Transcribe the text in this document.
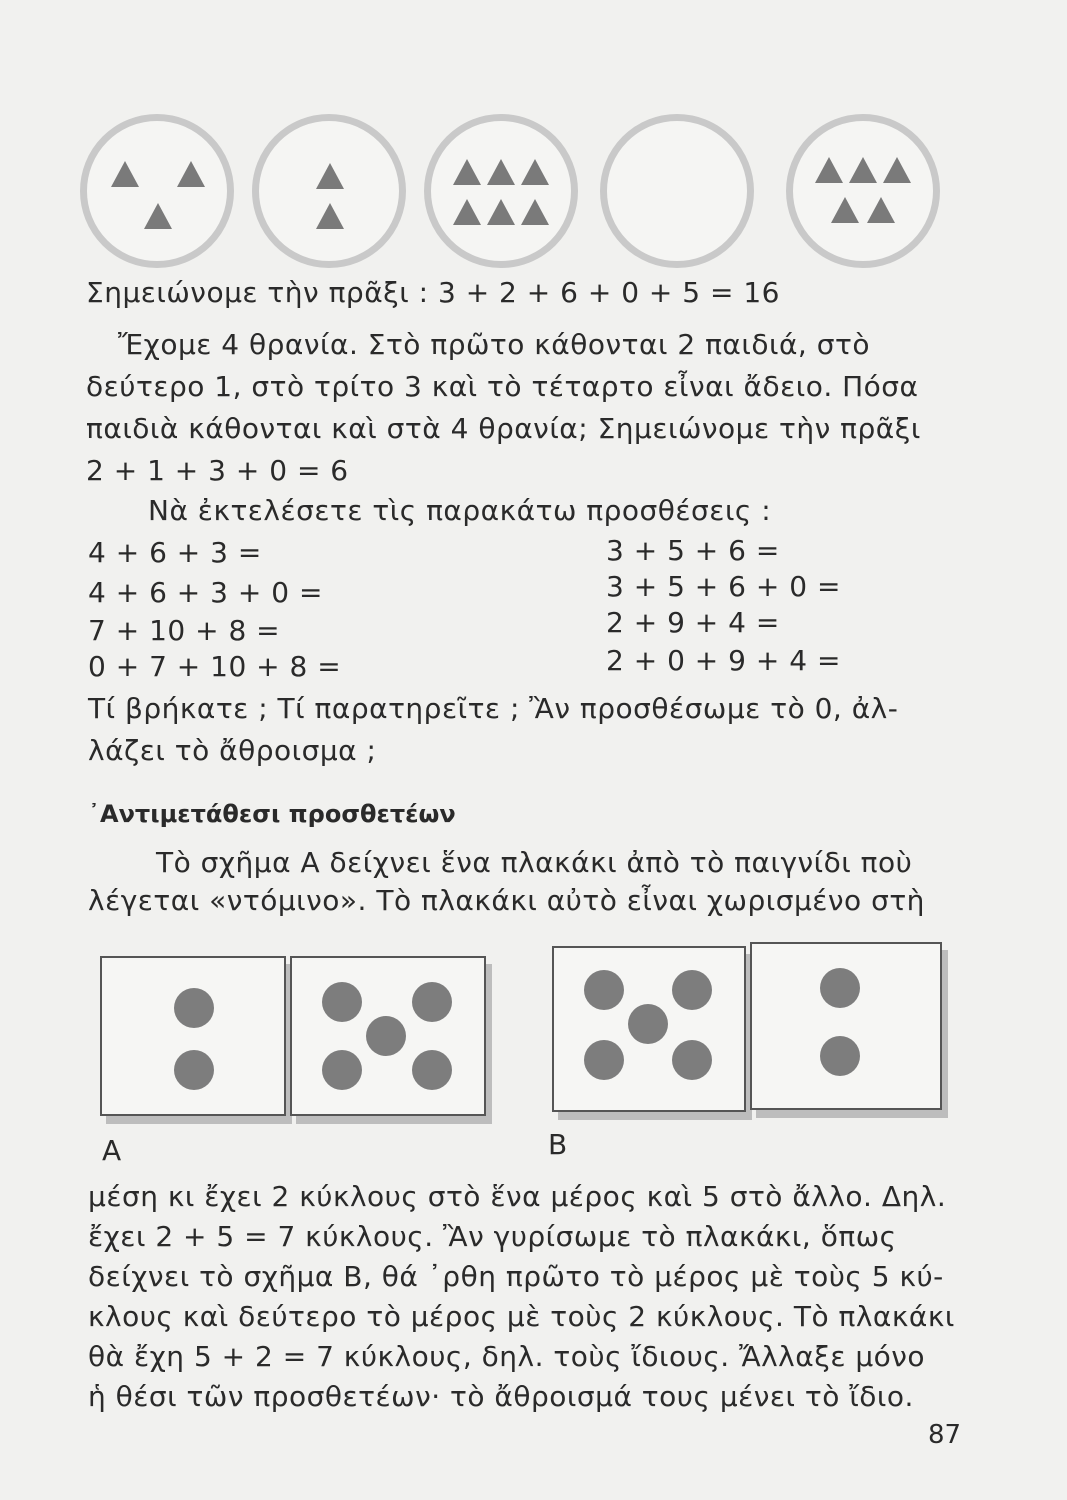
Σημειώνομε τὴν πρᾶξι : 3 + 2 + 6 + 0 + 5 = 16
Ἔχομε 4 θρανία. Στὸ πρῶτο κάθονται 2 παιδιά, στὸ
δεύτερο 1, στὸ τρίτο 3 καὶ τὸ τέταρτο εἶναι ἄδειο. Πόσα
παιδιὰ κάθονται καὶ στὰ 4 θρανία; Σημειώνομε τὴν πρᾶξι
2 + 1 + 3 + 0 = 6
Νὰ ἐκτελέσετε τὶς παρακάτω προσθέσεις :
4 + 6 + 3 =
4 + 6 + 3 + 0 =
7 + 10 + 8 =
0 + 7 + 10 + 8 =
3 + 5 + 6 =
3 + 5 + 6 + 0 =
2 + 9 + 4 =
2 + 0 + 9 + 4 =
Τί βρήκατε ; Τί παρατηρεῖτε ; Ἂν προσθέσωμε τὸ 0, ἀλ-
λάζει τὸ ἄθροισμα ;
᾿Αντιμετάθεσι προσθετέων
Τὸ σχῆμα Α δείχνει ἕνα πλακάκι ἀπὸ τὸ παιγνίδι ποὺ
λέγεται «ντόμινο». Τὸ πλακάκι αὐτὸ εἶναι χωρισμένο στὴ
Α	Β
μέση κι ἔχει 2 κύκλους στὸ ἕνα μέρος καὶ 5 στὸ ἄλλο. Δηλ.
ἔχει 2 + 5 = 7 κύκλους. Ἂν γυρίσωμε τὸ πλακάκι, ὅπως
δείχνει τὸ σχῆμα Β, θά ᾿ρθη πρῶτο τὸ μέρος μὲ τοὺς 5 κύ-
κλους καὶ δεύτερο τὸ μέρος μὲ τοὺς 2 κύκλους. Τὸ πλακάκι
θὰ ἔχη 5 + 2 = 7 κύκλους, δηλ. τοὺς ἴδιους. Ἄλλαξε μόνο
ἡ θέσι τῶν προσθετέων· τὸ ἄθροισμά τους μένει τὸ ἴδιο.
87
